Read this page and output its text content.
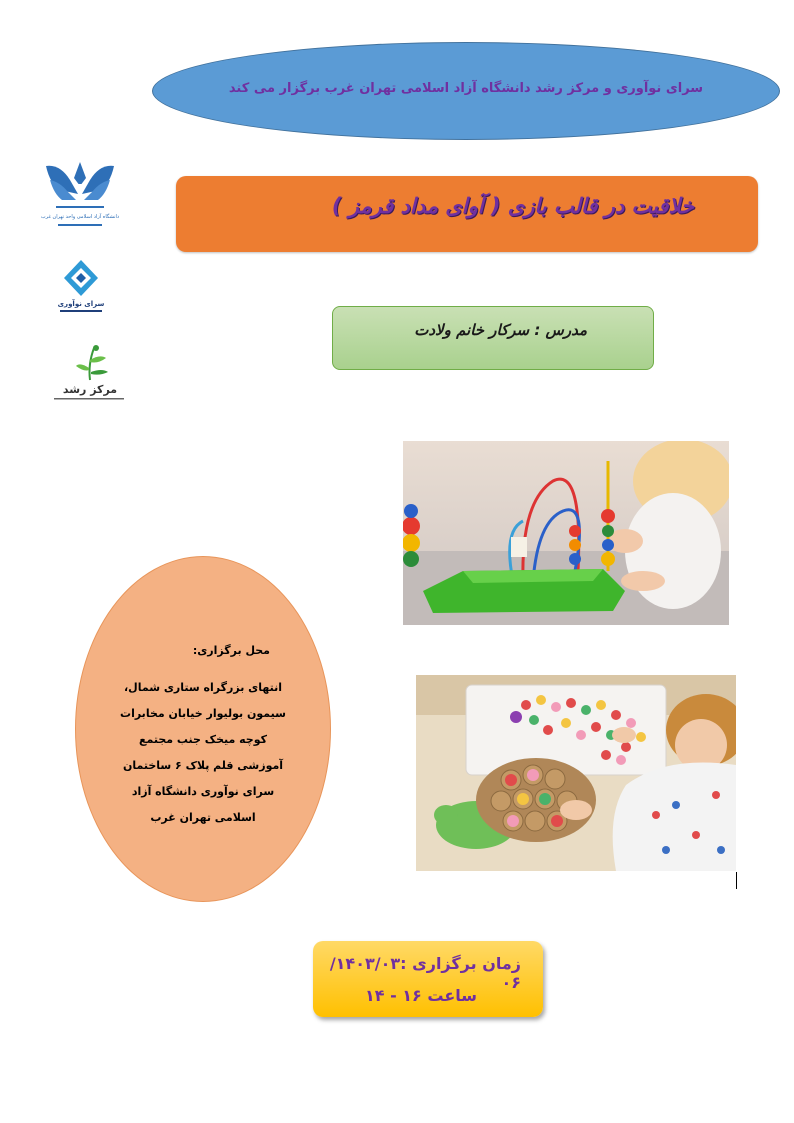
سرای نوآوری و مرکز رشد دانشگاه آزاد اسلامی تهران غرب برگزار می کند
دانشگاه آزاد اسلامی واحد تهران غرب
سرای نوآوری
مرکز رشد
خلاقیت در قالب بازی ( آوای مداد قرمز )
مدرس : سرکار خانم ولادت
محل برگزاری:
انتهای بزرگراه ستاری شمال،
سیمون بولیوار خیابان مخابرات
کوچه میخک جنب مجتمع
آموزشی قلم پلاک ۶ ساختمان
سرای نوآوری دانشگاه آزاد
اسلامی تهران غرب
زمان برگزاری :۱۴۰۳/۰۳/ ۰۶
ساعت ۱۶ - ۱۴
